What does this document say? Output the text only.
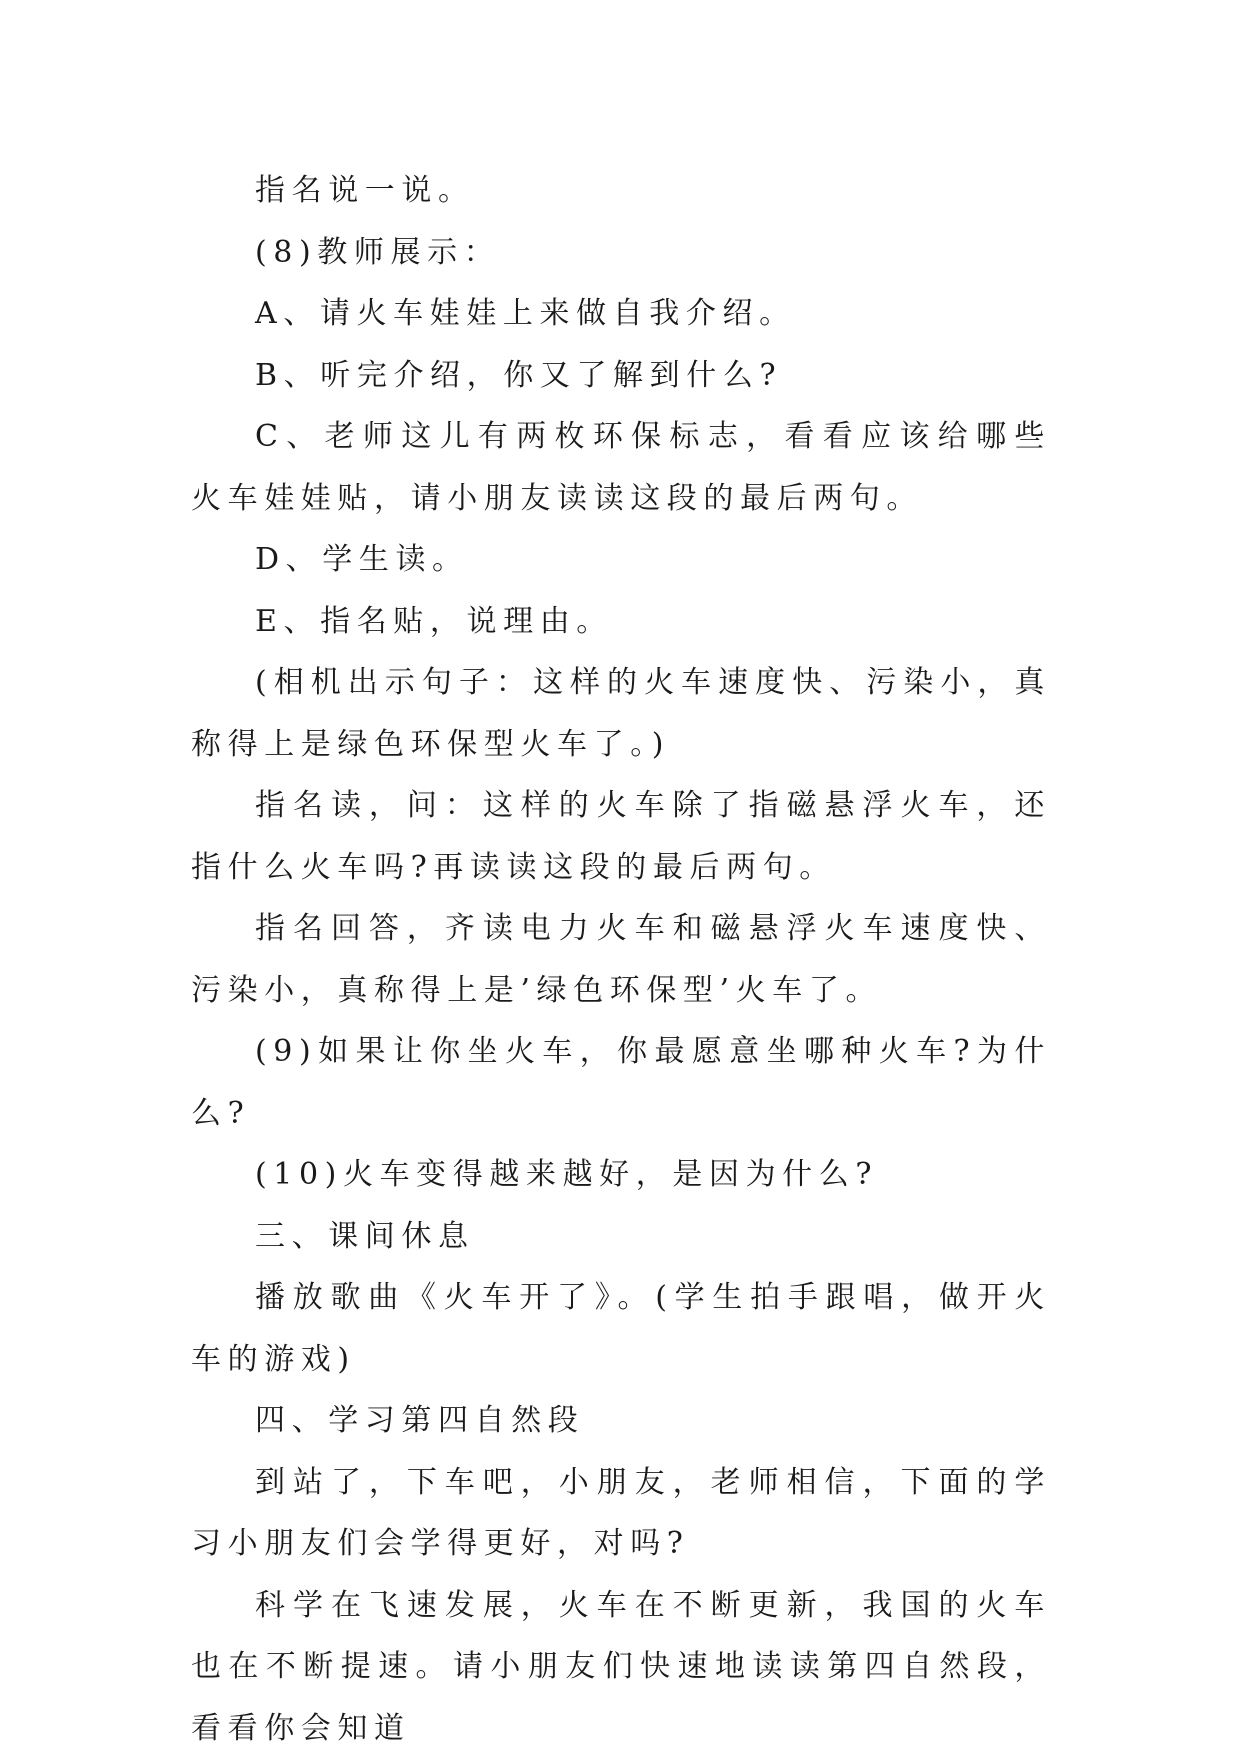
指名说一说。

(8)教师展示：

A、请火车娃娃上来做自我介绍。

B、听完介绍，你又了解到什么?

C、老师这儿有两枚环保标志，看看应该给哪些火车娃娃贴，请小朋友读读这段的最后两句。

D、学生读。

E、指名贴，说理由。

(相机出示句子：这样的火车速度快、污染小，真称得上是绿色环保型火车了。)

指名读，问：这样的火车除了指磁悬浮火车，还指什么火车吗?再读读这段的最后两句。

指名回答，齐读电力火车和磁悬浮火车速度快、污染小，真称得上是’绿色环保型’火车了。

(9)如果让你坐火车，你最愿意坐哪种火车?为什么?

(10)火车变得越来越好，是因为什么?

三、课间休息

播放歌曲《火车开了》。(学生拍手跟唱，做开火车的游戏)

四、学习第四自然段

到站了，下车吧，小朋友，老师相信，下面的学习小朋友们会学得更好，对吗?

科学在飞速发展，火车在不断更新，我国的火车也在不断提速。请小朋友们快速地读读第四自然段，看看你会知道
